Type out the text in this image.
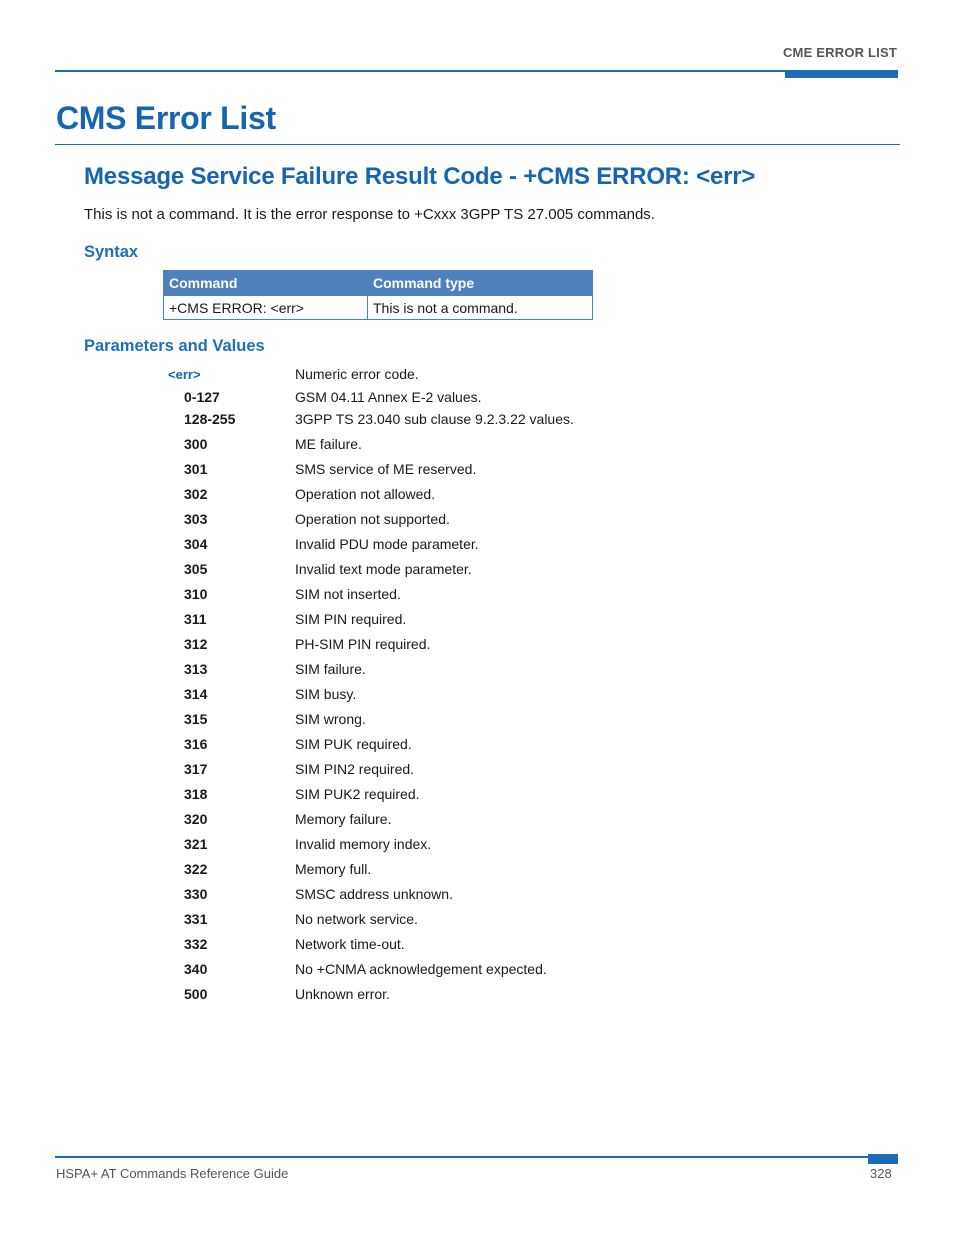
CME ERROR LIST
CMS Error List
Message Service Failure Result Code - +CMS ERROR: <err>
This is not a command. It is the error response to +Cxxx 3GPP TS 27.005 commands.
Syntax
Command	Command type
+CMS ERROR: <err>	This is not a command.
Parameters and Values
<err>	Numeric error code.
0-127	GSM 04.11 Annex E-2 values.
128-255	3GPP TS 23.040 sub clause 9.2.3.22 values.
300	ME failure.
301	SMS service of ME reserved.
302	Operation not allowed.
303	Operation not supported.
304	Invalid PDU mode parameter.
305	Invalid text mode parameter.
310	SIM not inserted.
311	SIM PIN required.
312	PH-SIM PIN required.
313	SIM failure.
314	SIM busy.
315	SIM wrong.
316	SIM PUK required.
317	SIM PIN2 required.
318	SIM PUK2 required.
320	Memory failure.
321	Invalid memory index.
322	Memory full.
330	SMSC address unknown.
331	No network service.
332	Network time-out.
340	No +CNMA acknowledgement expected.
500	Unknown error.
HSPA+ AT Commands Reference Guide	328
